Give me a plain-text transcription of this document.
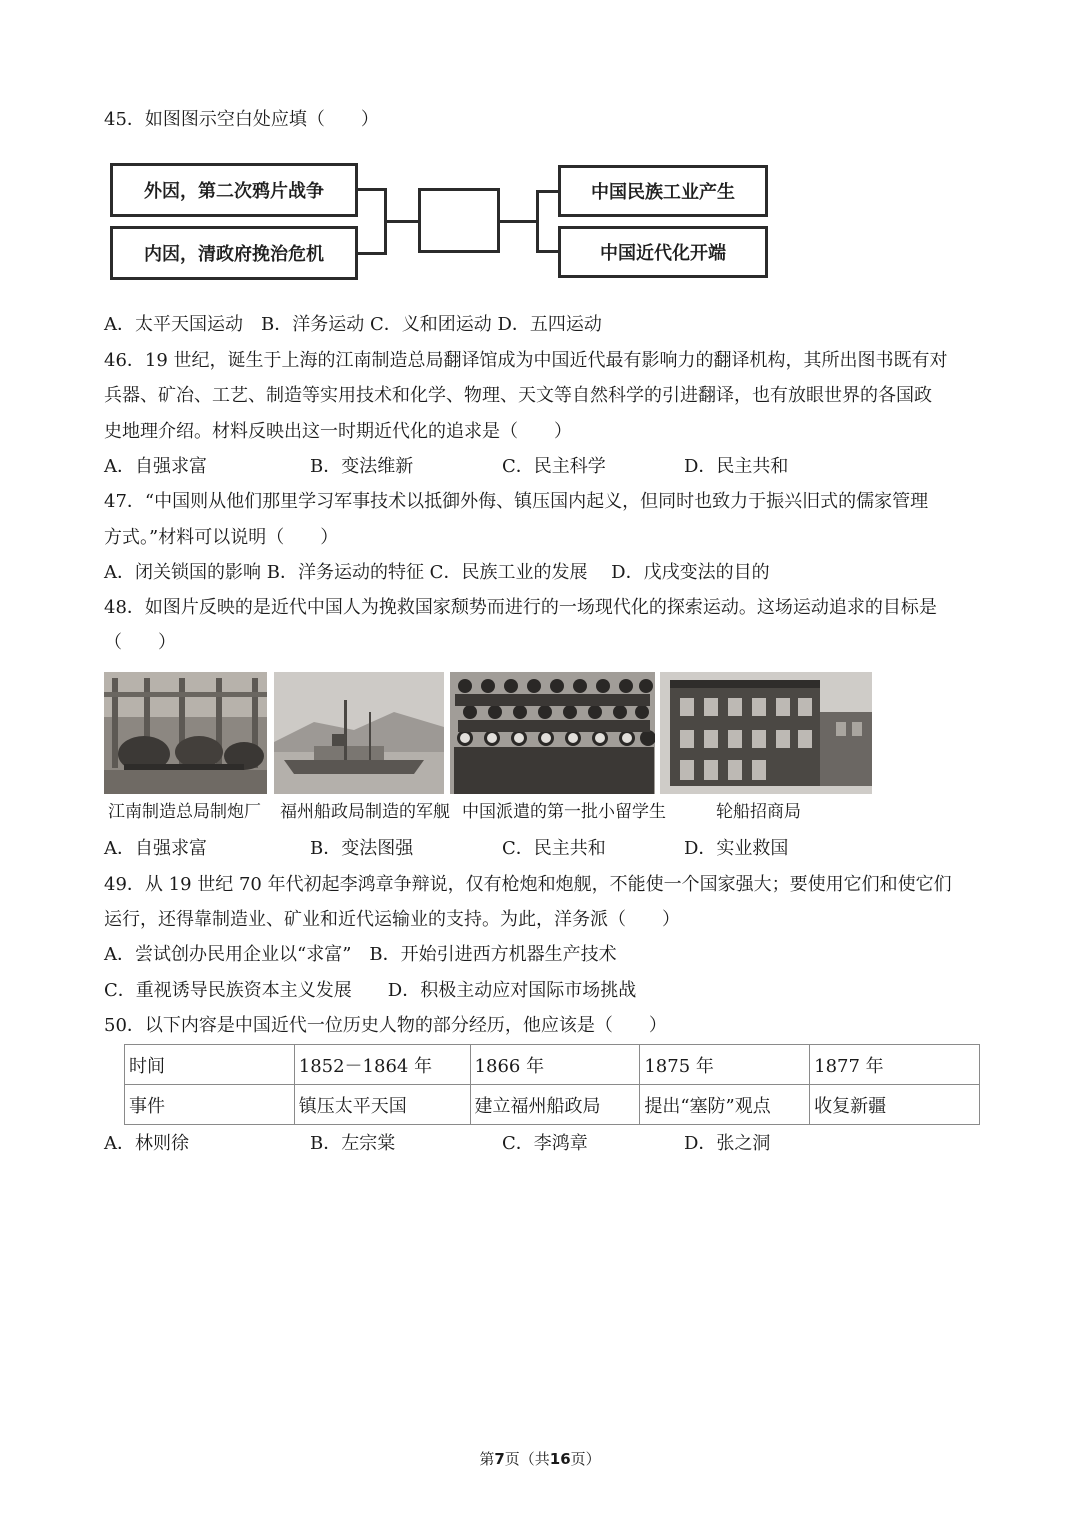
45．如图图示空白处应填（　　）
外因，第二次鸦片战争
内因，清政府挽治危机
中国民族工业产生
中国近代化开端
A．太平天国运动　B．洋务运动 C．义和团运动 D．五四运动
46．19 世纪，诞生于上海的江南制造总局翻译馆成为中国近代最有影响力的翻译机构，其所出图书既有对
兵器、矿冶、工艺、制造等实用技术和化学、物理、天文等自然科学的引进翻译，也有放眼世界的各国政
史地理介绍。材料反映出这一时期近代化的追求是（　　）
A．自强求富	B．变法维新	C．民主科学	D．民主共和
47．“中国则从他们那里学习军事技术以抵御外侮、镇压国内起义，但同时也致力于振兴旧式的儒家管理
方式。”材料可以说明（　　）
A．闭关锁国的影响 B．洋务运动的特征 C．民族工业的发展　 D．戊戌变法的目的
48．如图片反映的是近代中国人为挽救国家颓势而进行的一场现代化的探索运动。这场运动追求的目标是
（　　）
江南制造总局制炮厂 福州船政局制造的军舰 中国派遣的第一批小留学生	轮船招商局
A．自强求富	B．变法图强	C．民主共和	D．实业救国
49．从 19 世纪 70 年代初起李鸿章争辩说，仅有枪炮和炮舰，不能使一个国家强大；要使用它们和使它们
运行，还得靠制造业、矿业和近代运输业的支持。为此，洋务派（　　）
A．尝试创办民用企业以“求富”　B．开始引进西方机器生产技术
C．重视诱导民族资本主义发展　　D．积极主动应对国际市场挑战
50．以下内容是中国近代一位历史人物的部分经历，他应该是（　　）
时间	1852－1864 年	1866 年	1875 年	1877 年
事件	镇压太平天国	建立福州船政局	提出“塞防”观点	收复新疆
A．林则徐	B．左宗棠	C．李鸿章	D．张之洞
第7页（共16页）
